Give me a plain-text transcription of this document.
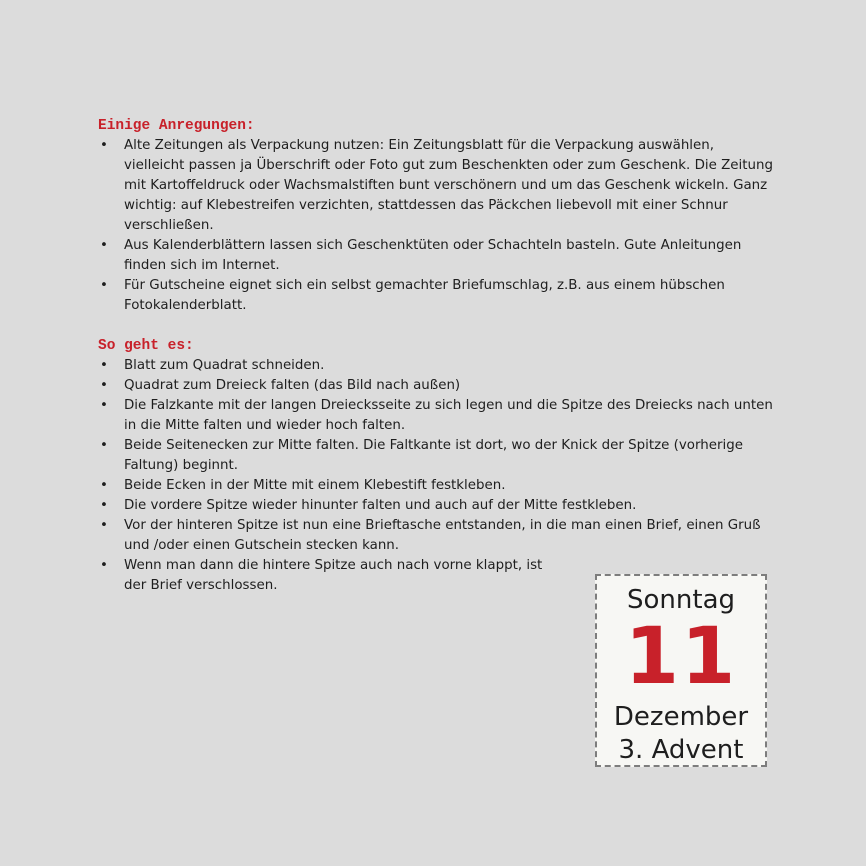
Einige Anregungen:
• Alte Zeitungen als Verpackung nutzen: Ein Zeitungsblatt für die Verpackung auswählen, vielleicht passen ja Überschrift oder Foto gut zum Beschenkten oder zum Geschenk. Die Zeitung mit Kartoffeldruck oder Wachsmalstiften bunt verschönern und um das Geschenk wickeln. Ganz wichtig: auf Klebestreifen verzichten, stattdessen das Päckchen liebevoll mit einer Schnur verschließen.
• Aus Kalenderblättern lassen sich Geschenktüten oder Schachteln basteln. Gute Anleitungen finden sich im Internet.
• Für Gutscheine eignet sich ein selbst gemachter Briefumschlag, z.B. aus einem hübschen Fotokalenderblatt.
So geht es:
• Blatt zum Quadrat schneiden.
• Quadrat zum Dreieck falten (das Bild nach außen)
• Die Falzkante mit der langen Dreiecksseite zu sich legen und die Spitze des Dreiecks nach unten in die Mitte falten und wieder hoch falten.
• Beide Seitenecken zur Mitte falten. Die Faltkante ist dort, wo der Knick der Spitze (vorherige Faltung) beginnt.
• Beide Ecken in der Mitte mit einem Klebestift festkleben.
• Die vordere Spitze wieder hinunter falten und auch auf der Mitte festkleben.
• Vor der hinteren Spitze ist nun eine Brieftasche entstanden, in die man einen Brief, einen Gruß und /oder einen Gutschein stecken kann.
• Wenn man dann die hintere Spitze auch nach vorne klappt, ist der Brief verschlossen.	Sonntag
11
Dezember
3. Advent
